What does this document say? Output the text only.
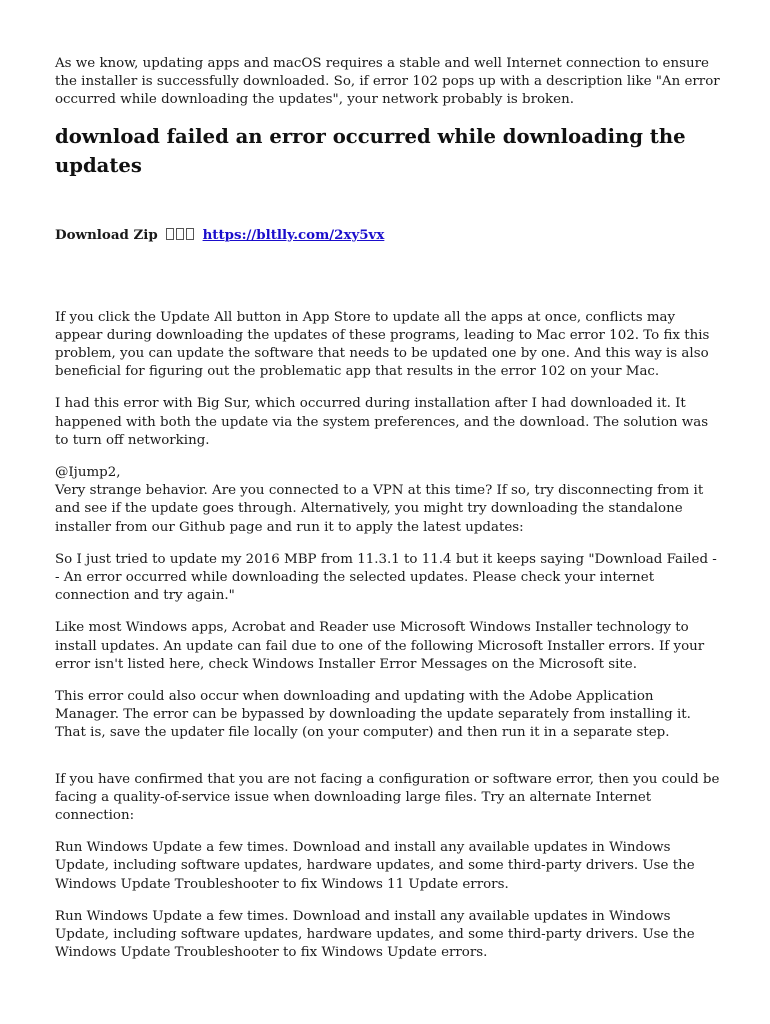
As we know, updating apps and macOS requires a stable and well Internet connection to ensure the installer is successfully downloaded. So, if error 102 pops up with a description like "An error occurred while downloading the updates", your network probably is broken.

download failed an error occurred while downloading the updates

Download Zip	https://bltlly.com/2xy5vx

If you click the Update All button in App Store to update all the apps at once, conflicts may appear during downloading the updates of these programs, leading to Mac error 102. To fix this problem, you can update the software that needs to be updated one by one. And this way is also beneficial for figuring out the problematic app that results in the error 102 on your Mac.

I had this error with Big Sur, which occurred during installation after I had downloaded it. It happened with both the update via the system preferences, and the download. The solution was to turn off networking.

@Ijump2,

Very strange behavior. Are you connected to a VPN at this time? If so, try disconnecting from it and see if the update goes through. Alternatively, you might try downloading the standalone installer from our Github page and run it to apply the latest updates:

So I just tried to update my 2016 MBP from 11.3.1 to 11.4 but it keeps saying "Download Failed -- An error occurred while downloading the selected updates. Please check your internet connection and try again."

Like most Windows apps, Acrobat and Reader use Microsoft Windows Installer technology to install updates. An update can fail due to one of the following Microsoft Installer errors. If your error isn't listed here, check Windows Installer Error Messages on the Microsoft site.

This error could also occur when downloading and updating with the Adobe Application Manager. The error can be bypassed by downloading the update separately from installing it. That is, save the updater file locally (on your computer) and then run it in a separate step.

If you have confirmed that you are not facing a configuration or software error, then you could be facing a quality-of-service issue when downloading large files. Try an alternate Internet connection:

Run Windows Update a few times. Download and install any available updates in Windows Update, including software updates, hardware updates, and some third-party drivers. Use the Windows Update Troubleshooter to fix Windows 11 Update errors.

Run Windows Update a few times. Download and install any available updates in Windows Update, including software updates, hardware updates, and some third-party drivers. Use the Windows Update Troubleshooter to fix Windows Update errors.
